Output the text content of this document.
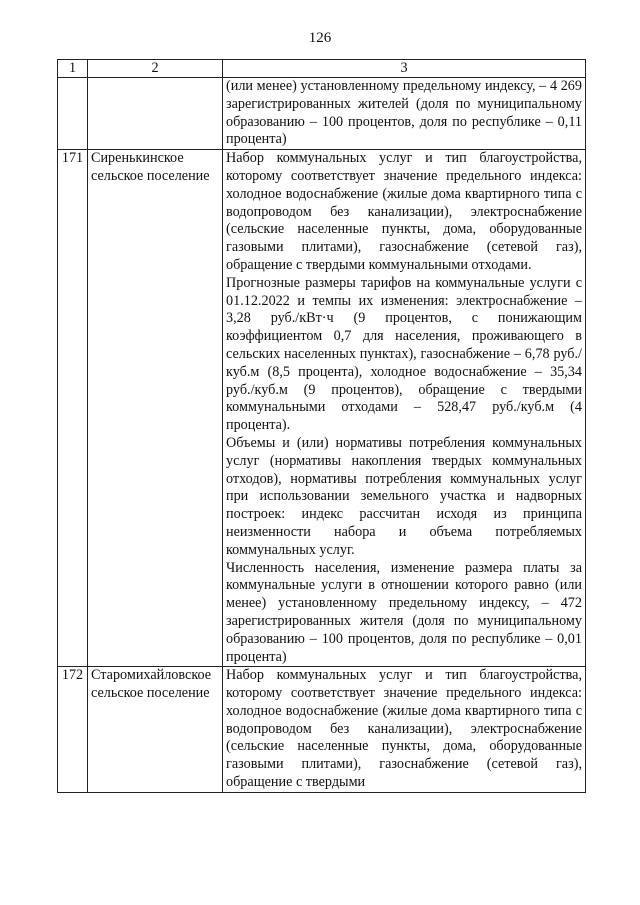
126
1	2	3

		(или менее) установленному предельному индексу, – 4 269 зарегистрированных жителей (доля по муниципальному образованию – 100 процентов, доля по республике – 0,11 процента)

171	Сиренькинское сельское поселение	Набор коммунальных услуг и тип благоустройства, которому соответствует значение предельного индекса: холодное водоснабжение (жилые дома квартирного типа с водопроводом без канализации), электроснабжение (сельские населенные пункты, дома, оборудованные газовыми плитами), газоснабжение (сетевой газ), обращение с твердыми коммунальными отходами.

Прогнозные размеры тарифов на коммунальные услуги с 01.12.2022 и темпы их изменения: электроснабжение – 3,28 руб./кВт·ч (9 процентов, с понижающим коэффициентом 0,7 для населения, проживающего в сельских населенных пунктах), газоснабжение – 6,78 руб./куб.м (8,5 процента), холодное водоснабжение – 35,34 руб./куб.м (9 процентов), обращение с твердыми коммунальными отходами – 528,47 руб./куб.м (4 процента).

Объемы и (или) нормативы потребления коммунальных услуг (нормативы накопления твердых коммунальных отходов), нормативы потребления коммунальных услуг при использовании земельного участка и надворных построек: индекс рассчитан исходя из принципа неизменности набора и объема потребляемых коммунальных услуг.

Численность населения, изменение размера платы за коммунальные услуги в отношении которого равно (или менее) установленному предельному индексу, – 472 зарегистрированных жителя (доля по муниципальному образованию – 100 процентов, доля по республике – 0,01 процента)

172	Старомихайловское сельское поселение	Набор коммунальных услуг и тип благоустройства, которому соответствует значение предельного индекса: холодное водоснабжение (жилые дома квартирного типа с водопроводом без канализации), электроснабжение (сельские населенные пункты, дома, оборудованные газовыми плитами), газоснабжение (сетевой газ), обращение с твердыми
